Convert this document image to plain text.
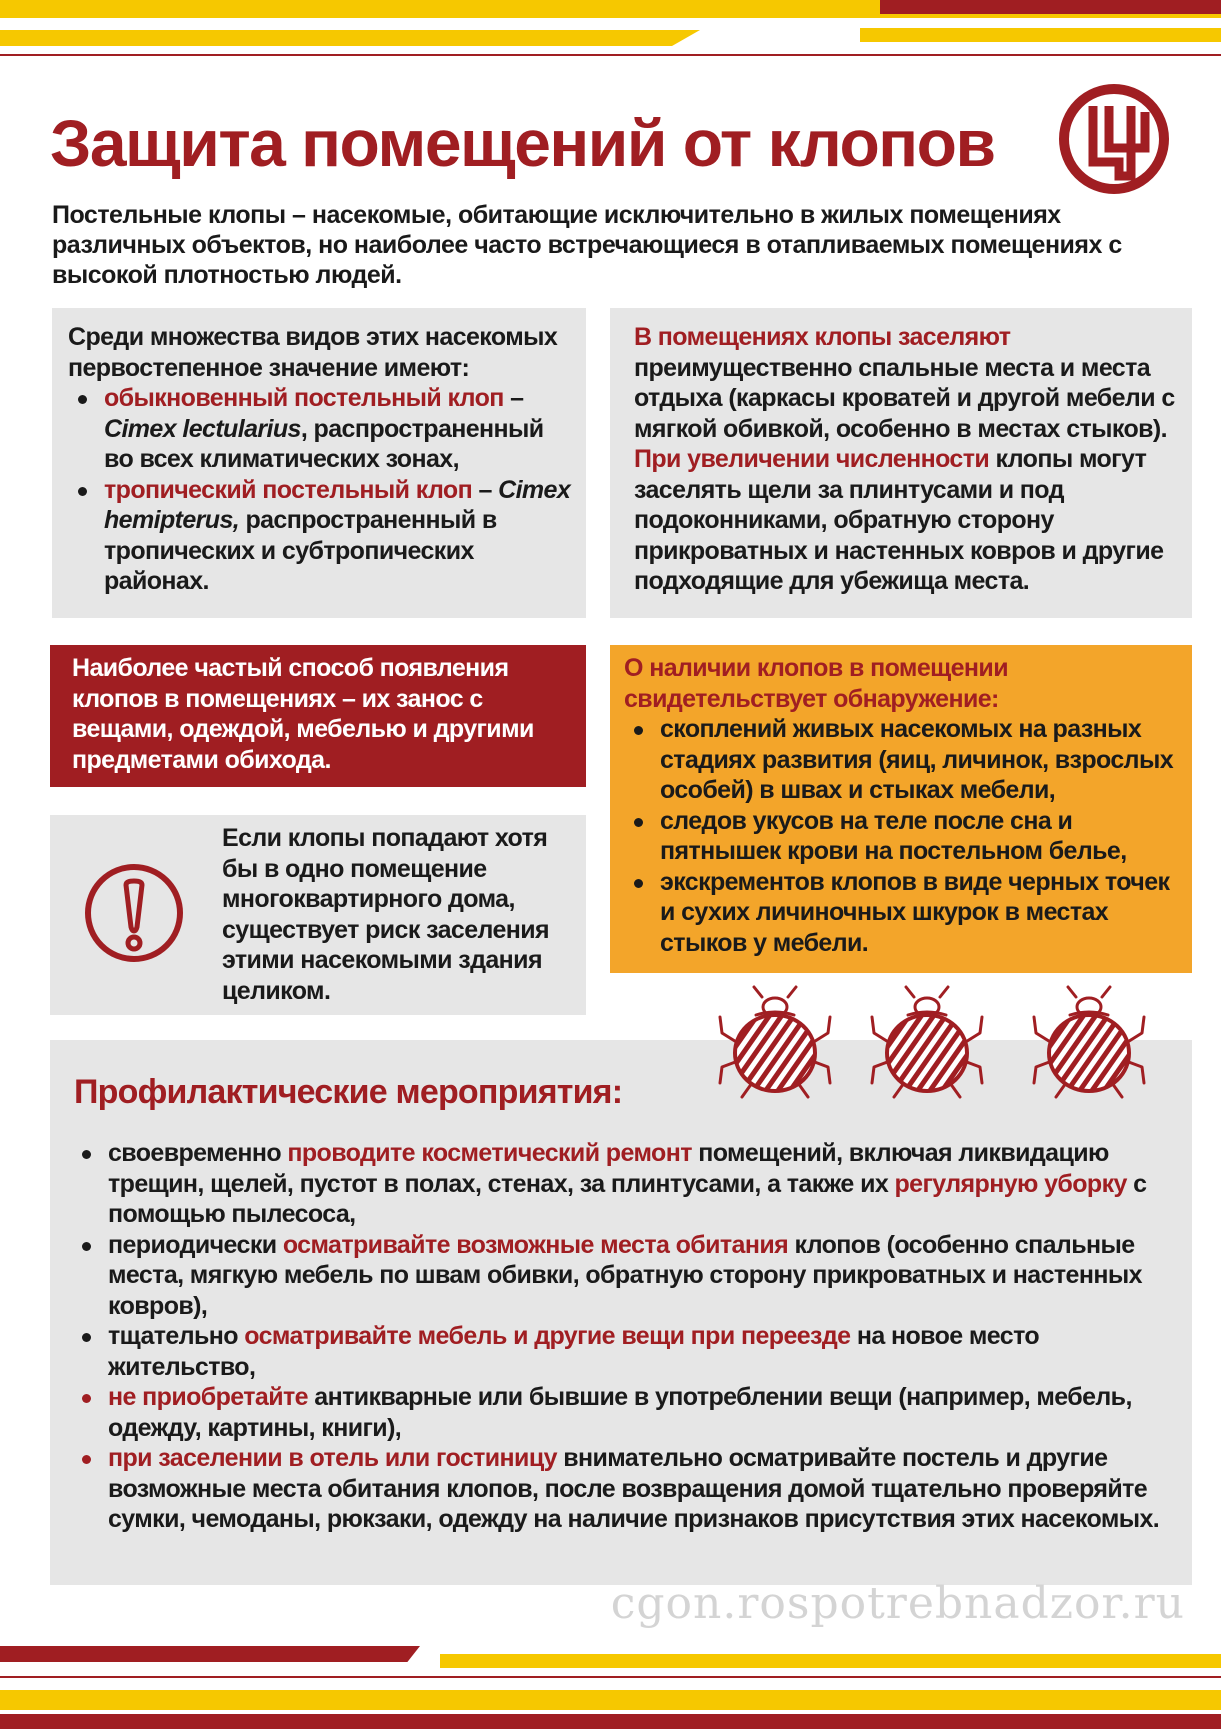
Защита помещений от клопов
Постельные клопы – насекомые, обитающие исключительно в жилых помещениях различных объектов, но наиболее часто встречающиеся в отапливаемых помещениях с высокой плотностью людей.
Среди множества видов этих насекомых первостепенное значение имеют:
обыкновенный постельный клоп – Cimex lectularius, распространенный во всех климатических зонах,
тропический постельный клоп – Cimex hemipterus, распространенный в тропических и субтропических районах.
В помещениях клопы заселяют преимущественно спальные места и места отдыха (каркасы кроватей и другой мебели с мягкой обивкой, особенно в местах стыков). При увеличении численности клопы могут заселять щели за плинтусами и под подоконниками, обратную сторону прикроватных и настенных ковров и другие подходящие для убежища места.
Наиболее частый способ появления клопов в помещениях – их занос с вещами, одеждой, мебелью и другими предметами обихода.
Если клопы попадают хотя бы в одно помещение многоквартирного дома, существует риск заселения этими насекомыми здания целиком.
О наличии клопов в помещении свидетельствует обнаружение:
скоплений живых насекомых на разных стадиях развития (яиц, личинок, взрослых особей) в швах и стыках мебели,
следов укусов на теле после сна и пятнышек крови на постельном белье,
экскрементов клопов в виде черных точек и сухих личиночных шкурок в местах стыков у мебели.
Профилактические мероприятия:
своевременно проводите косметический ремонт помещений, включая ликвидацию трещин, щелей, пустот в полах, стенах, за плинтусами, а также их регулярную уборку с помощью пылесоса,
периодически осматривайте возможные места обитания клопов (особенно спальные места, мягкую мебель по швам обивки, обратную сторону прикроватных и настенных ковров),
тщательно осматривайте мебель и другие вещи при переезде на новое место жительство,
не приобретайте антикварные или бывшие в употреблении вещи (например, мебель, одежду, картины, книги),
при заселении в отель или гостиницу внимательно осматривайте постель и другие возможные места обитания клопов, после возвращения домой тщательно проверяйте сумки, чемоданы, рюкзаки, одежду на наличие признаков присутствия этих насекомых.
cgon.rospotrebnadzor.ru
